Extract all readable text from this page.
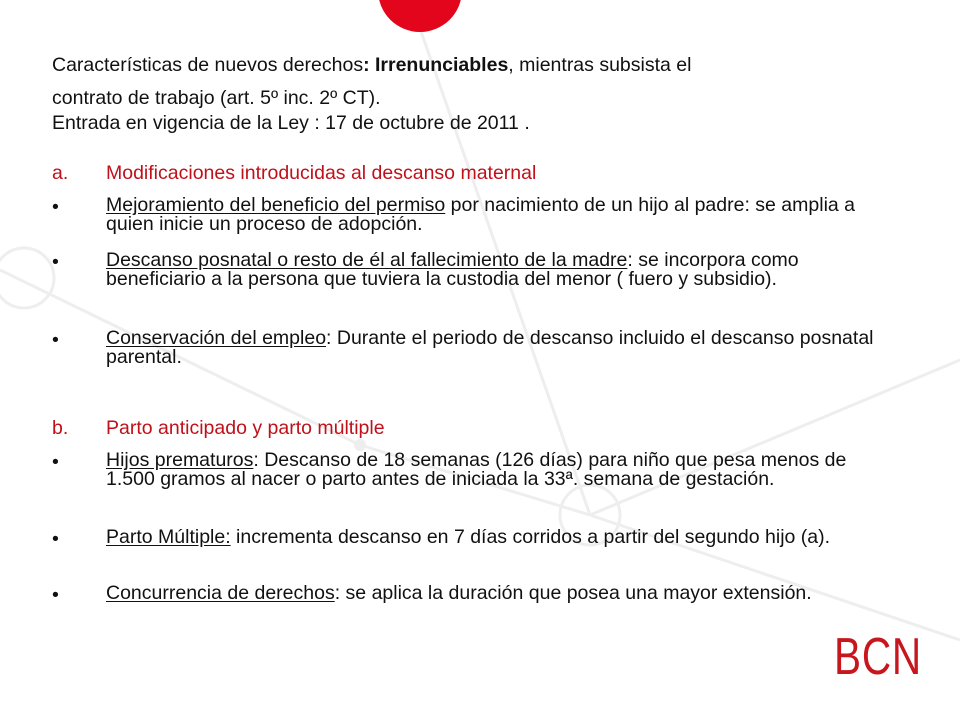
Características de nuevos derechos: Irrenunciables, mientras subsista el
contrato de trabajo (art. 5º inc. 2º CT).
Entrada en vigencia de la Ley : 17 de octubre de 2011 .
a. Modificaciones introducidas al descanso maternal
• Mejoramiento del beneficio del permiso por nacimiento de un hijo al padre: se amplia a quien inicie un proceso de adopción.
• Descanso posnatal o resto de él al fallecimiento de la madre: se incorpora como beneficiario a la persona que tuviera la custodia del menor ( fuero y subsidio).
• Conservación del empleo: Durante el periodo de descanso incluido el descanso posnatal parental.
b. Parto anticipado y parto múltiple
• Hijos prematuros: Descanso de 18 semanas (126 días) para niño que pesa menos de 1.500 gramos al nacer o parto antes de iniciada la 33ª. semana de gestación.
• Parto Múltiple: incrementa descanso en 7 días corridos a partir del segundo hijo (a).
• Concurrencia de derechos: se aplica la duración que posea una mayor extensión.
BCN
